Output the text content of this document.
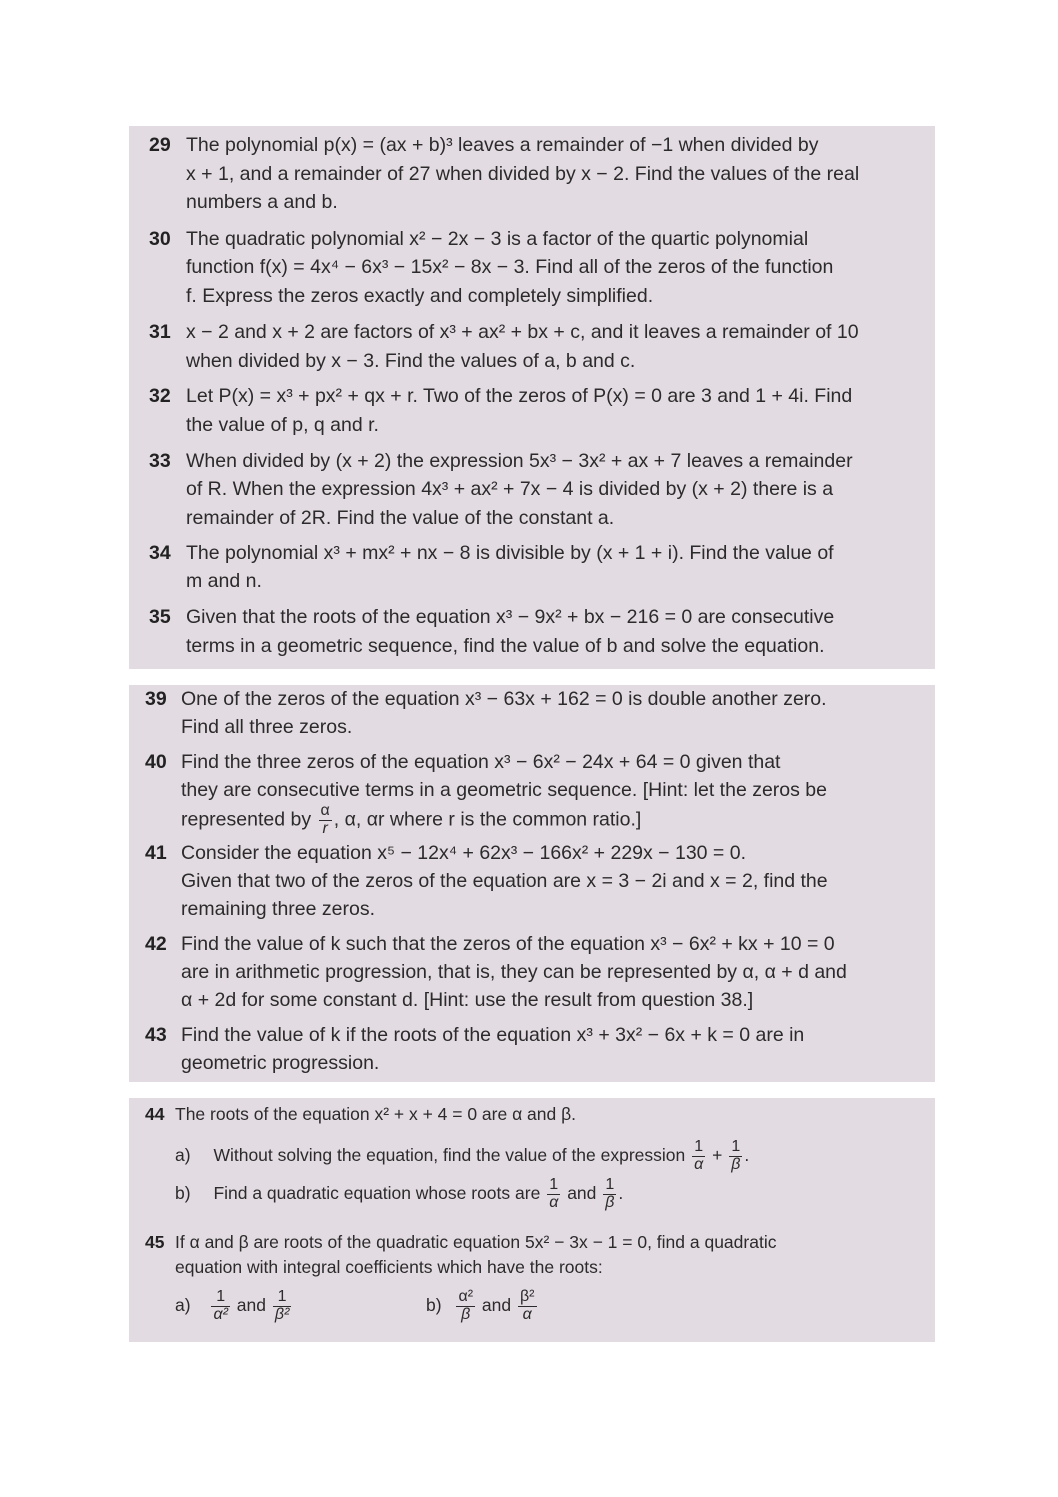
29 The polynomial p(x) = (ax + b)³ leaves a remainder of −1 when divided by
x + 1, and a remainder of 27 when divided by x − 2. Find the values of the real
numbers a and b.
30 The quadratic polynomial x² − 2x − 3 is a factor of the quartic polynomial
function f(x) = 4x⁴ − 6x³ − 15x² − 8x − 3. Find all of the zeros of the function
f. Express the zeros exactly and completely simplified.
31 x − 2 and x + 2 are factors of x³ + ax² + bx + c, and it leaves a remainder of 10
when divided by x − 3. Find the values of a, b and c.
32 Let P(x) = x³ + px² + qx + r. Two of the zeros of P(x) = 0 are 3 and 1 + 4i. Find
the value of p, q and r.
33 When divided by (x + 2) the expression 5x³ − 3x² + ax + 7 leaves a remainder
of R. When the expression 4x³ + ax² + 7x − 4 is divided by (x + 2) there is a
remainder of 2R. Find the value of the constant a.
34 The polynomial x³ + mx² + nx − 8 is divisible by (x + 1 + i). Find the value of
m and n.
35 Given that the roots of the equation x³ − 9x² + bx − 216 = 0 are consecutive
terms in a geometric sequence, find the value of b and solve the equation.
39 One of the zeros of the equation x³ − 63x + 162 = 0 is double another zero.
Find all three zeros.
40 Find the three zeros of the equation x³ − 6x² − 24x + 64 = 0 given that
they are consecutive terms in a geometric sequence. [Hint: let the zeros be
represented by $\frac{\alpha}{r}$ , α, αr where r is the common ratio.]
41 Consider the equation x⁵ − 12x⁴ + 62x³ − 166x² + 229x − 130 = 0.
Given that two of the zeros of the equation are x = 3 − 2i and x = 2, find the
remaining three zeros.
42 Find the value of k such that the zeros of the equation x³ − 6x² + kx + 10 = 0
are in arithmetic progression, that is, they can be represented by α, α + d and
α + 2d for some constant d. [Hint: use the result from question 38.]
43 Find the value of k if the roots of the equation x³ + 3x² − 6x + k = 0 are in
geometric progression.
44 The roots of the equation x² + x + 4 = 0 are α and β.
a) Without solving the equation, find the value of the expression $\frac{1}{\alpha} + \frac{1}{\beta}$ .
b) Find a quadratic equation whose roots are $\frac{1}{\alpha}$ and $\frac{1}{\beta}$ .
45 If α and β are roots of the quadratic equation 5x² − 3x − 1 = 0, find a quadratic
equation with integral coefficients which have the roots:
$a) \frac{1}{\text{α²}}$ and $\frac{1}{\text{β²}}$	$b) \frac{\text{α²}}{\beta}$ and $\frac{\text{β²}}{\alpha}$
